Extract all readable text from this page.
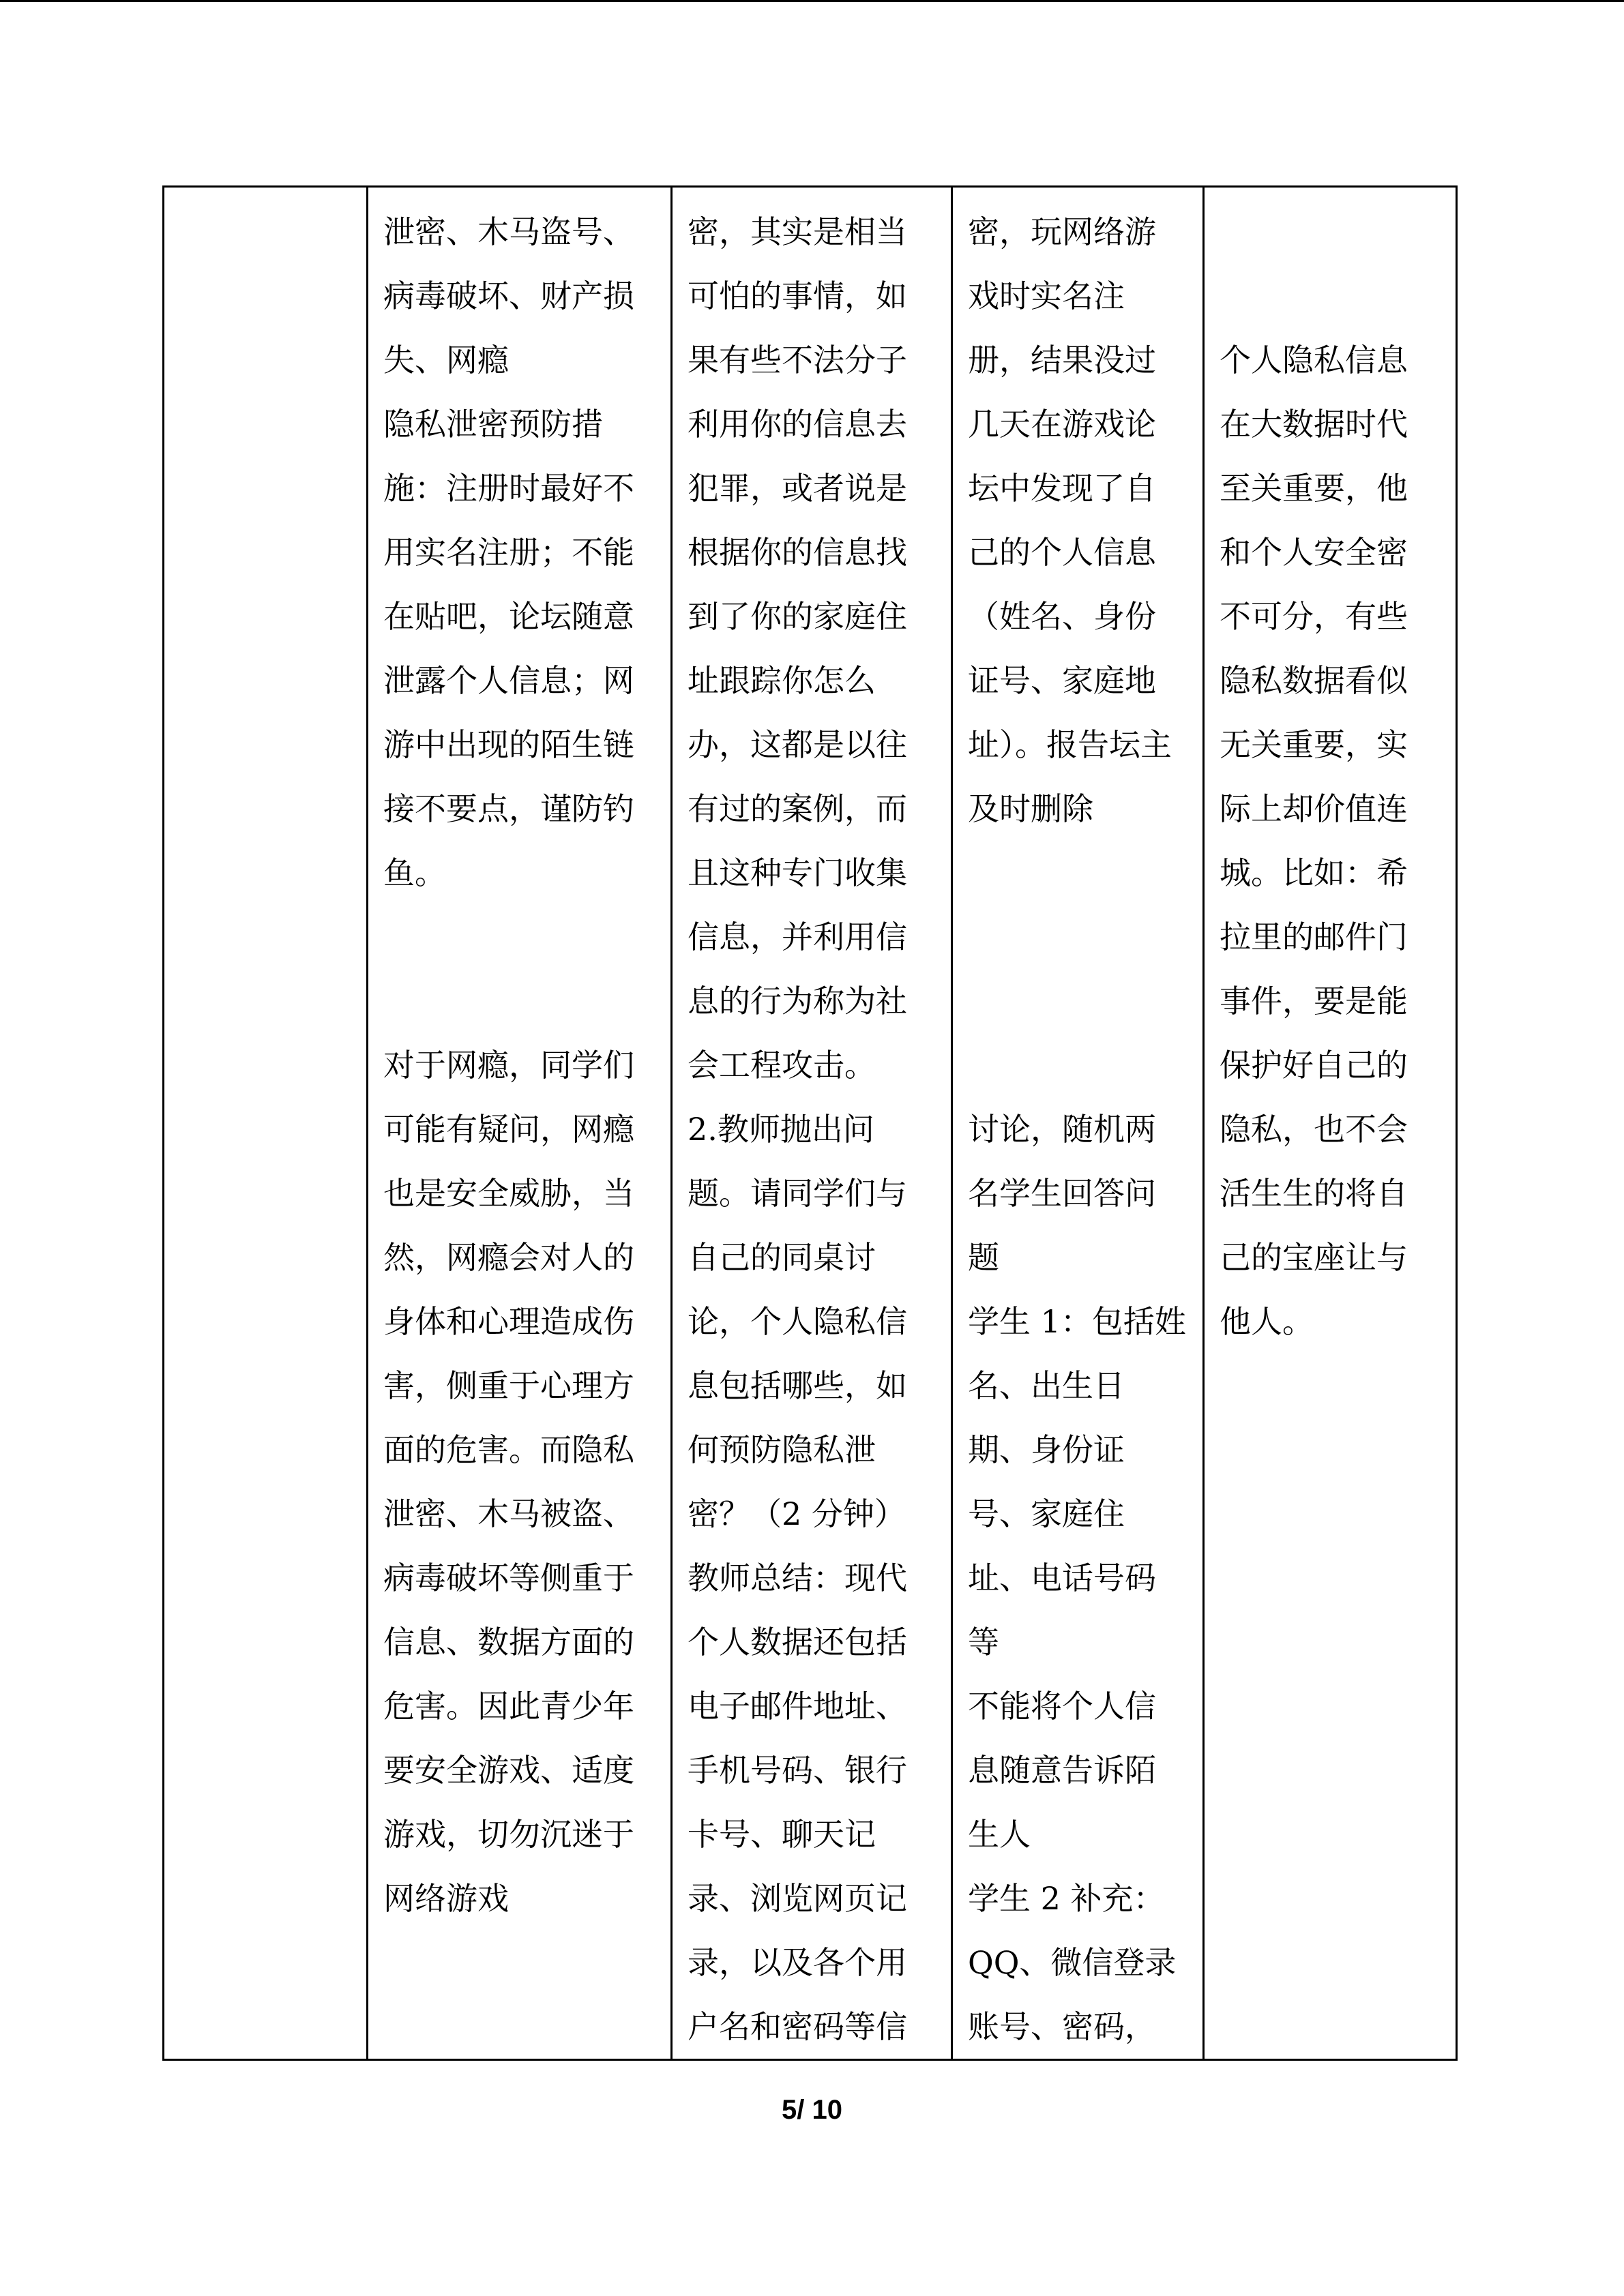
泄密、木马盗号、
病毒破坏、财产损
失、网瘾
隐私泄密预防措
施：注册时最好不
用实名注册；不能
在贴吧，论坛随意
泄露个人信息；网
游中出现的陌生链
接不要点，谨防钓
鱼。

对于网瘾，同学们
可能有疑问，网瘾
也是安全威胁，当
然，网瘾会对人的
身体和心理造成伤
害，侧重于心理方
面的危害。而隐私
泄密、木马被盗、
病毒破坏等侧重于
信息、数据方面的
危害。因此青少年
要安全游戏、适度
游戏，切勿沉迷于
网络游戏

密，其实是相当
可怕的事情，如
果有些不法分子
利用你的信息去
犯罪，或者说是
根据你的信息找
到了你的家庭住
址跟踪你怎么
办，这都是以往
有过的案例，而
且这种专门收集
信息，并利用信
息的行为称为社
会工程攻击。
2.教师抛出问
题。请同学们与
自己的同桌讨
论，个人隐私信
息包括哪些，如
何预防隐私泄
密？（2 分钟）
教师总结：现代
个人数据还包括
电子邮件地址、
手机号码、银行
卡号、聊天记
录、浏览网页记
录，以及各个用
户名和密码等信

密，玩网络游
戏时实名注
册，结果没过
几天在游戏论
坛中发现了自
己的个人信息
（姓名、身份
证号、家庭地
址）。报告坛主
及时删除

讨论，随机两
名学生回答问
题
学生 1：包括姓
名、出生日
期、身份证
号、家庭住
址、电话号码
等
不能将个人信
息随意告诉陌
生人
学生 2 补充：
QQ、微信登录
账号、密码，

个人隐私信息
在大数据时代
至关重要，他
和个人安全密
不可分，有些
隐私数据看似
无关重要，实
际上却价值连
城。比如：希
拉里的邮件门
事件，要是能
保护好自己的
隐私，也不会
活生生的将自
己的宝座让与
他人。
5/ 10
